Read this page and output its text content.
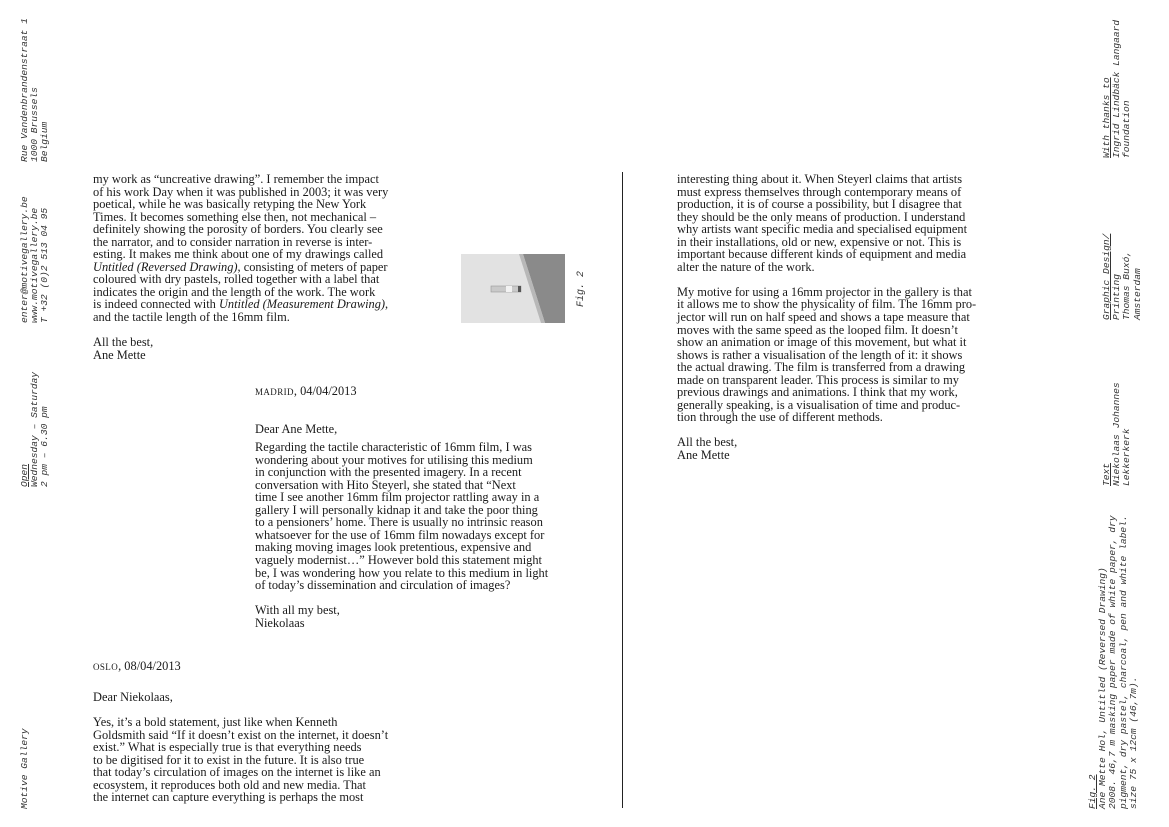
Rue Vandenbrandenstraat 1 1000 Brussels Belgium
enter@motivegallery.be www.motivegallery.be T +32 (0)2 513 04 95
Open Wednesday – Saturday 2 pm – 6.30 pm
Motive Gallery
With thanks to Ingrid Lindbäck Langaard foundation
Graphic Design/ Printing Thomas Buxó, Amsterdam
Text Niekolaas Johannes Lekkerkerk
Fig. 2 Ane Mette Hol, Untitled (Reversed Drawing) 2008. 46,7 m masking paper made of white paper, dry pigment, dry pastel, charcoal, pen and white label. size 75 x 12cm (46,7m).
Fig. 2

my work as “uncreative drawing”. I remember the impact

of his work Day when it was published in 2003; it was very

poetical, while he was basically retyping the New York

Times. It becomes something else then, not mechanical –

definitely showing the porosity of borders. You clearly see

the narrator, and to consider narration in reverse is inter-

esting. It makes me think about one of my drawings called

Untitled (Reversed Drawing), consisting of meters of paper

coloured with dry pastels, rolled together with a label that

indicates the origin and the length of the work. The work

is indeed connected with Untitled (Measurement Drawing),

and the tactile length of the 16mm film.

All the best,

Ane Mette

madrid, 04/04/2013

Dear Ane Mette,

Regarding the tactile characteristic of 16mm film, I was

wondering about your motives for utilising this medium

in conjunction with the presented imagery. In a recent

conversation with Hito Steyerl, she stated that “Next

time I see another 16mm film projector rattling away in a

gallery I will personally kidnap it and take the poor thing

to a pensioners’ home. There is usually no intrinsic reason

whatsoever for the use of 16mm film nowadays except for

making moving images look pretentious, expensive and

vaguely modernist…” However bold this statement might

be, I was wondering how you relate to this medium in light

of today’s dissemination and circulation of images?

With all my best,

Niekolaas

oslo, 08/04/2013

Dear Niekolaas,

Yes, it’s a bold statement, just like when Kenneth

Goldsmith said “If it doesn’t exist on the internet, it doesn’t

exist.” What is especially true is that everything needs

to be digitised for it to exist in the future. It is also true

that today’s circulation of images on the internet is like an

ecosystem, it reproduces both old and new media. That

the internet can capture everything is perhaps the most

interesting thing about it. When Steyerl claims that artists

must express themselves through contemporary means of

production, it is of course a possibility, but I disagree that

they should be the only means of production. I understand

why artists want specific media and specialised equipment

in their installations, old or new, expensive or not. This is

important because different kinds of equipment and media

alter the nature of the work.

My motive for using a 16mm projector in the gallery is that

it allows me to show the physicality of film. The 16mm pro-

jector will run on half speed and shows a tape measure that

moves with the same speed as the looped film. It doesn’t

show an animation or image of this movement, but what it

shows is rather a visualisation of the length of it: it shows

the actual drawing. The film is transferred from a drawing

made on transparent leader. This process is similar to my

previous drawings and animations. I think that my work,

generally speaking, is a visualisation of time and produc-

tion through the use of different methods.

All the best,

Ane Mette
